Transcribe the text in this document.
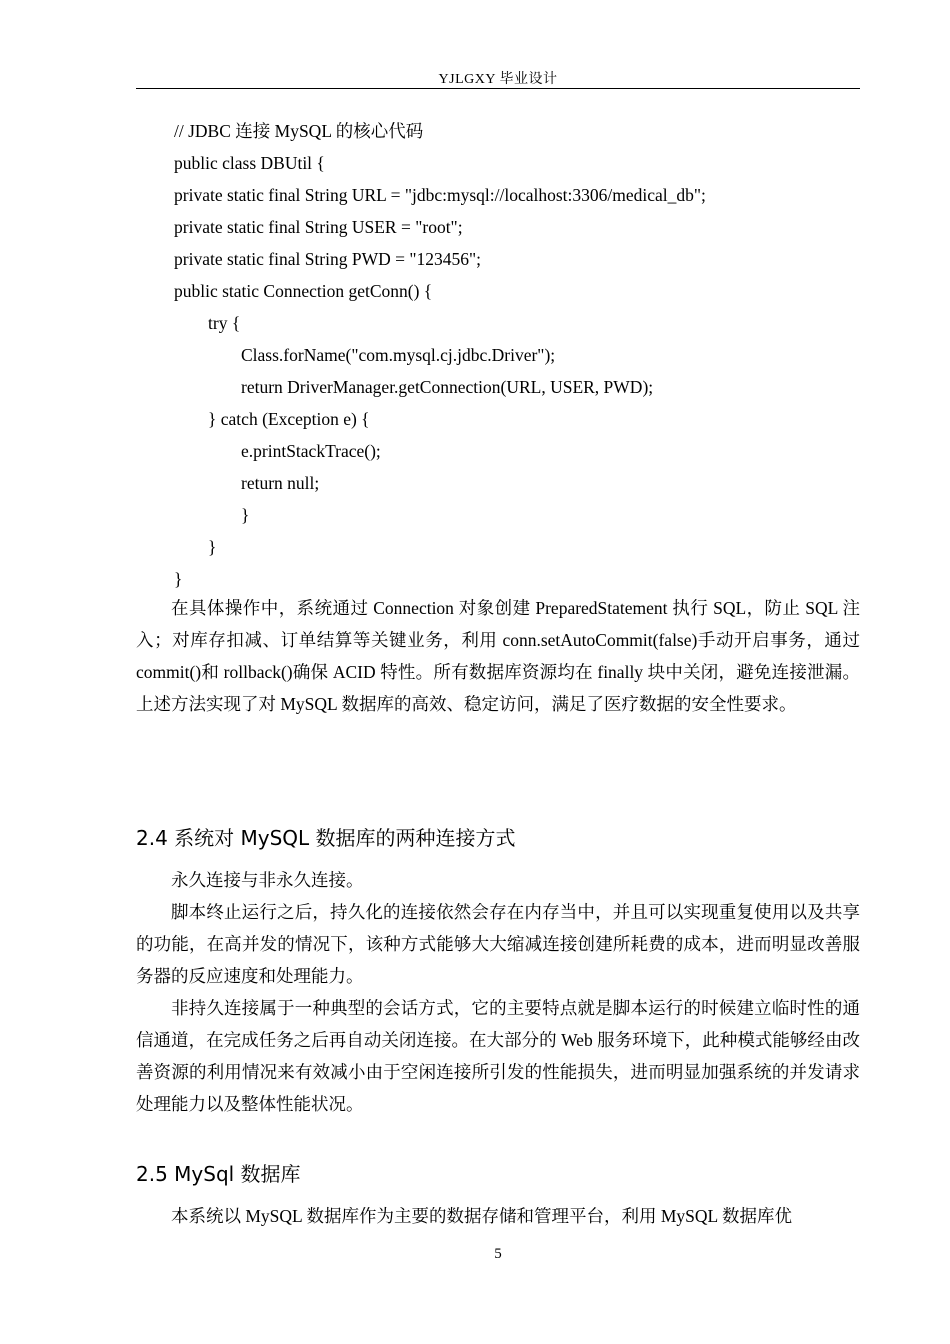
YJLGXY 毕业设计
// JDBC 连接 MySQL 的核心代码
public class DBUtil {
private static final String URL = "jdbc:mysql://localhost:3306/medical_db";
private static final String USER = "root";
private static final String PWD = "123456";
public static Connection getConn() {
try {
Class.forName("com.mysql.cj.jdbc.Driver");
return DriverManager.getConnection(URL, USER, PWD);
} catch (Exception e) {
e.printStackTrace();
return null;
}
}
}
在具体操作中，系统通过 Connection 对象创建 PreparedStatement 执行 SQL，防止 SQL 注入；对库存扣减、订单结算等关键业务，利用 conn.setAutoCommit(false)手动开启事务，通过 commit()和 rollback()确保 ACID 特性。所有数据库资源均在 finally 块中关闭，避免连接泄漏。上述方法实现了对 MySQL 数据库的高效、稳定访问，满足了医疗数据的安全性要求。
2.4 系统对 MySQL 数据库的两种连接方式
永久连接与非永久连接。
脚本终止运行之后，持久化的连接依然会存在内存当中，并且可以实现重复使用以及共享的功能，在高并发的情况下，该种方式能够大大缩减连接创建所耗费的成本，进而明显改善服务器的反应速度和处理能力。
非持久连接属于一种典型的会话方式，它的主要特点就是脚本运行的时候建立临时性的通信通道，在完成任务之后再自动关闭连接。在大部分的 Web 服务环境下，此种模式能够经由改善资源的利用情况来有效减小由于空闲连接所引发的性能损失，进而明显加强系统的并发请求处理能力以及整体性能状况。
2.5 MySql 数据库
本系统以 MySQL 数据库作为主要的数据存储和管理平台，利用 MySQL 数据库优
5
